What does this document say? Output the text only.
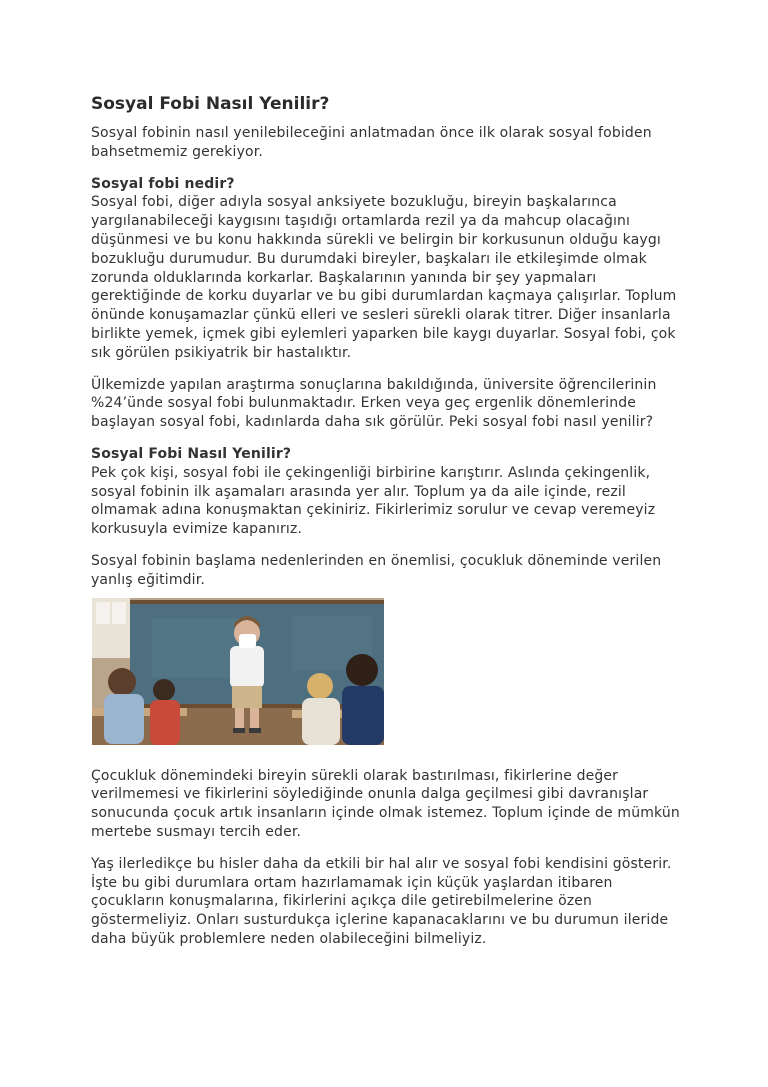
Sosyal Fobi Nasıl Yenilir?

Sosyal fobinin nasıl yenilebileceğini anlatmadan önce ilk olarak sosyal fobiden bahsetmemiz gerekiyor.

Sosyal fobi nedir?
Sosyal fobi, diğer adıyla sosyal anksiyete bozukluğu, bireyin başkalarınca yargılanabileceği kaygısını taşıdığı ortamlarda rezil ya da mahcup olacağını düşünmesi ve bu konu hakkında sürekli ve belirgin bir korkusunun olduğu kaygı bozukluğu durumudur. Bu durumdaki bireyler, başkaları ile etkileşimde olmak zorunda olduklarında korkarlar. Başkalarının yanında bir şey yapmaları gerektiğinde de korku duyarlar ve bu gibi durumlardan kaçmaya çalışırlar. Toplum önünde konuşamazlar çünkü elleri ve sesleri sürekli olarak titrer. Diğer insanlarla birlikte yemek, içmek gibi eylemleri yaparken bile kaygı duyarlar. Sosyal fobi, çok sık görülen psikiyatrik bir hastalıktır.

Ülkemizde yapılan araştırma sonuçlarına bakıldığında, üniversite öğrencilerinin %24’ünde sosyal fobi bulunmaktadır. Erken veya geç ergenlik dönemlerinde başlayan sosyal fobi, kadınlarda daha sık görülür. Peki sosyal fobi nasıl yenilir?

Sosyal Fobi Nasıl Yenilir?
Pek çok kişi, sosyal fobi ile çekingenliği birbirine karıştırır. Aslında çekingenlik, sosyal fobinin ilk aşamaları arasında yer alır. Toplum ya da aile içinde, rezil olmamak adına konuşmaktan çekiniriz. Fikirlerimiz sorulur ve cevap veremeyiz korkusuyla evimize kapanırız.

Sosyal fobinin başlama nedenlerinden en önemlisi, çocukluk döneminde verilen yanlış eğitimdir.

Çocukluk dönemindeki bireyin sürekli olarak bastırılması, fikirlerine değer verilmemesi ve fikirlerini söylediğinde onunla dalga geçilmesi gibi davranışlar sonucunda çocuk artık insanların içinde olmak istemez. Toplum içinde de mümkün mertebe susmayı tercih eder.

Yaş ilerledikçe bu hisler daha da etkili bir hal alır ve sosyal fobi kendisini gösterir. İşte bu gibi durumlara ortam hazırlamamak için küçük yaşlardan itibaren çocukların konuşmalarına, fikirlerini açıkça dile getirebilmelerine özen göstermeliyiz. Onları susturdukça içlerine kapanacaklarını ve bu durumun ileride daha büyük problemlere neden olabileceğini bilmeliyiz.
